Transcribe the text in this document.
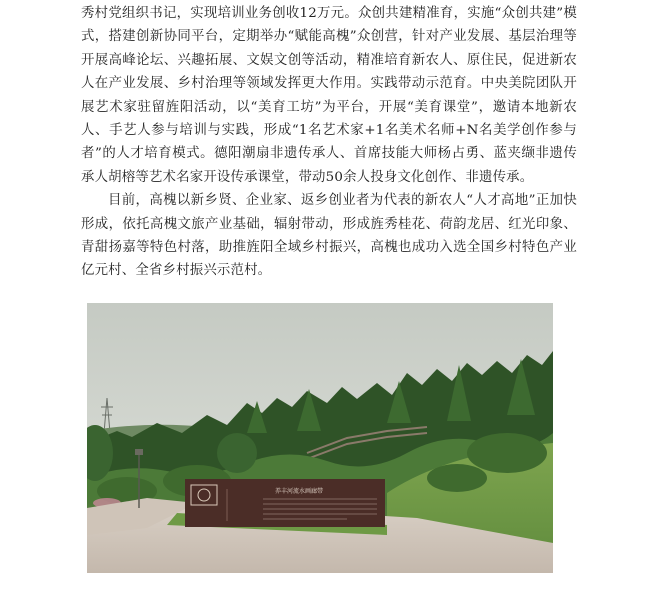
秀村党组织书记，实现培训业务创收12万元。众创共建精准育，实施“众创共建”模式，搭建创新协同平台，定期举办“赋能高槐”众创营，针对产业发展、基层治理等开展高峰论坛、兴趣拓展、文娱文创等活动，精准培育新农人、原住民，促进新农人在产业发展、乡村治理等领域发挥更大作用。实践带动示范育。中央美院团队开展艺术家驻留旌阳活动，以“美育工坊”为平台，开展“美育课堂”，邀请本地新农人、手艺人参与培训与实践，形成“1名艺术家+1名美术名师+N名美学创作参与者”的人才培育模式。德阳潮扇非遗传承人、首席技能大师杨占勇、蓝夹缬非遗传承人胡榕等艺术名家开设传承课堂，带动50余人投身文化创作、非遗传承。

目前，高槐以新乡贤、企业家、返乡创业者为代表的新农人“人才高地”正加快形成，依托高槐文旅产业基础，辐射带动，形成旌秀桂花、荷韵龙居、红光印象、青甜扬嘉等特色村落，助推旌阳全域乡村振兴，高槐也成功入选全国乡村特色产业亿元村、全省乡村振兴示范村。

养丰河流水画廊带
